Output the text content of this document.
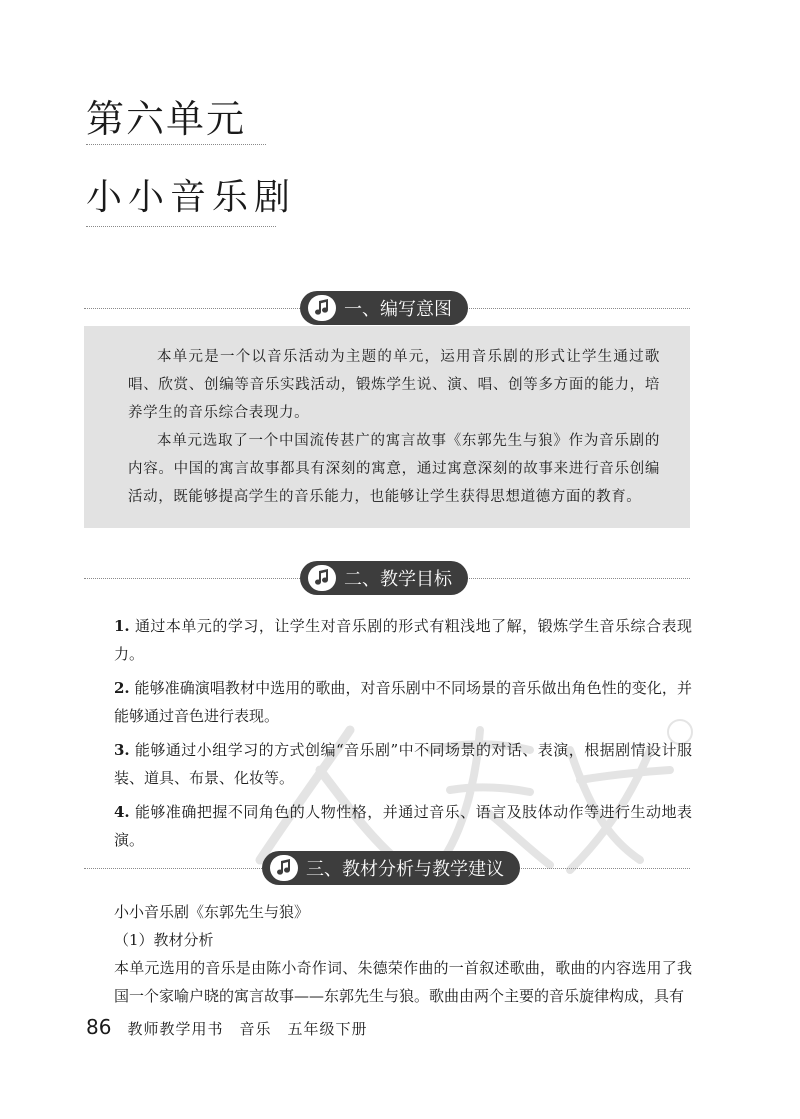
第六单元
小小音乐剧
一、编写意图

本单元是一个以音乐活动为主题的单元，运用音乐剧的形式让学生通过歌唱、欣赏、创编等音乐实践活动，锻炼学生说、演、唱、创等多方面的能力，培养学生的音乐综合表现力。

本单元选取了一个中国流传甚广的寓言故事《东郭先生与狼》作为音乐剧的内容。中国的寓言故事都具有深刻的寓意，通过寓意深刻的故事来进行音乐创编活动，既能够提高学生的音乐能力，也能够让学生获得思想道德方面的教育。

二、教学目标

1. 通过本单元的学习，让学生对音乐剧的形式有粗浅地了解，锻炼学生音乐综合表现力。

2. 能够准确演唱教材中选用的歌曲，对音乐剧中不同场景的音乐做出角色性的变化，并能够通过音色进行表现。

3. 能够通过小组学习的方式创编“音乐剧”中不同场景的对话、表演，根据剧情设计服装、道具、布景、化妆等。

4. 能够准确把握不同角色的人物性格，并通过音乐、语言及肢体动作等进行生动地表演。

三、教材分析与教学建议

小小音乐剧《东郭先生与狼》

（1）教材分析

本单元选用的音乐是由陈小奇作词、朱德荣作曲的一首叙述歌曲，歌曲的内容选用了我国一个家喻户晓的寓言故事——东郭先生与狼。歌曲由两个主要的音乐旋律构成，具有

86 教师教学用书　音乐　五年级下册
